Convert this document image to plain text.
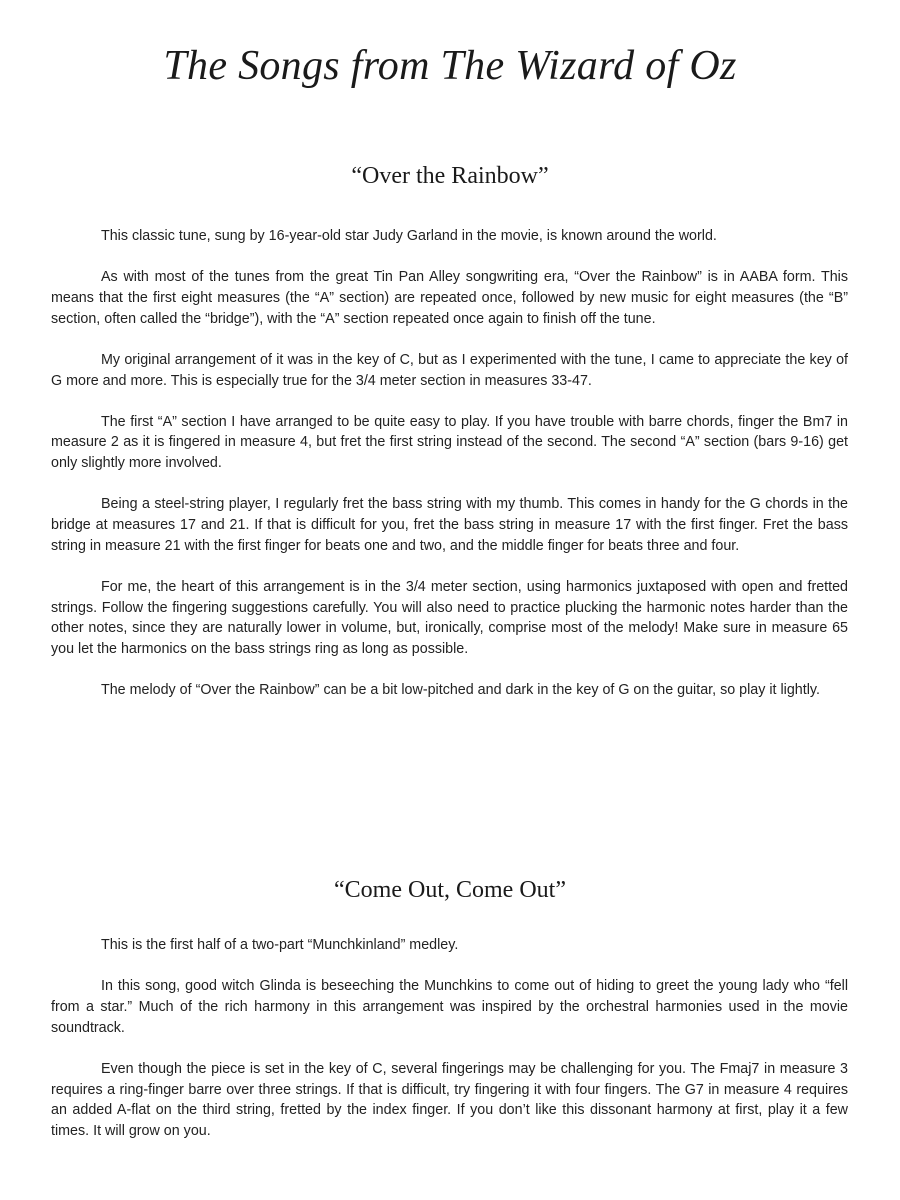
The Songs from The Wizard of Oz
“Over the Rainbow”

This classic tune, sung by 16-year-old star Judy Garland in the movie, is known around the world.

As with most of the tunes from the great Tin Pan Alley songwriting era, “Over the Rainbow” is in AABA form. This means that the first eight measures (the “A” section) are repeated once, followed by new music for eight measures (the “B” section, often called the “bridge”), with the “A” section repeated once again to finish off the tune.

My original arrangement of it was in the key of C, but as I experimented with the tune, I came to appreciate the key of G more and more. This is especially true for the 3/4 meter section in measures 33-47.

The first “A” section I have arranged to be quite easy to play. If you have trouble with barre chords, finger the Bm7 in measure 2 as it is fingered in measure 4, but fret the first string instead of the second. The second “A” section (bars 9-16) get only slightly more involved.

Being a steel-string player, I regularly fret the bass string with my thumb. This comes in handy for the G chords in the bridge at measures 17 and 21. If that is difficult for you, fret the bass string in measure 17 with the first finger. Fret the bass string in measure 21 with the first finger for beats one and two, and the middle finger for beats three and four.

For me, the heart of this arrangement is in the 3/4 meter section, using harmonics juxtaposed with open and fretted strings. Follow the fingering suggestions carefully. You will also need to practice plucking the harmonic notes harder than the other notes, since they are naturally lower in volume, but, ironically, comprise most of the melody! Make sure in measure 65 you let the harmonics on the bass strings ring as long as possible.

The melody of “Over the Rainbow” can be a bit low-pitched and dark in the key of G on the guitar, so play it lightly.

“Come Out, Come Out”

This is the first half of a two-part “Munchkinland” medley.

In this song, good witch Glinda is beseeching the Munchkins to come out of hiding to greet the young lady who “fell from a star.” Much of the rich harmony in this arrangement was inspired by the orchestral harmonies used in the movie soundtrack.

Even though the piece is set in the key of C, several fingerings may be challenging for you. The Fmaj7 in measure 3 requires a ring-finger barre over three strings. If that is difficult, try fingering it with four fingers. The G7 in measure 4 requires an added A-flat on the third string, fretted by the index finger. If you don’t like this dissonant harmony at first, play it a few times. It will grow on you.
